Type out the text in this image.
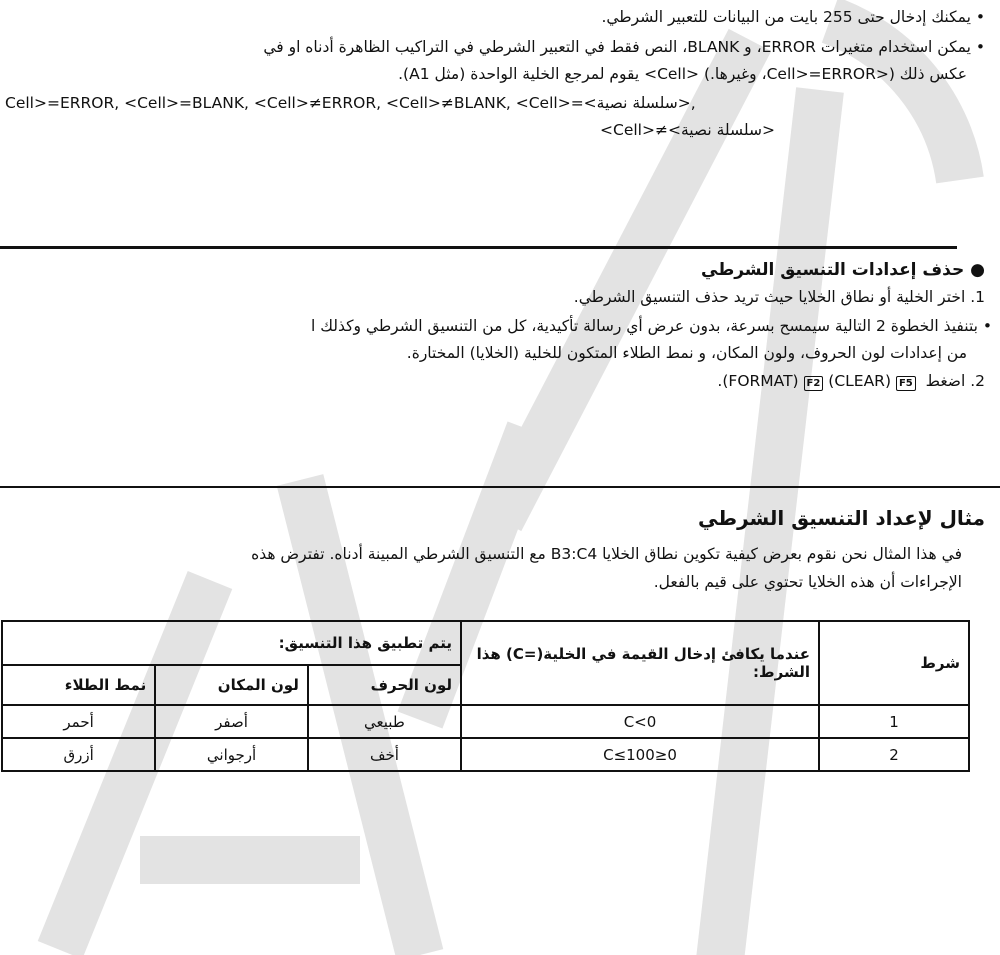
• يمكنك إدخال حتى 255 بايت من البيانات للتعبير الشرطي.
• يمكن استخدام متغيرات ERROR، و BLANK، النص فقط في التعبير الشرطي في التراكيب الظاهرة أدناه او في
عكس ذلك (<Cell>=ERROR، وغيرها.) <Cell> يقوم لمرجع الخلية الواحدة (مثل A1).
Cell>=ERROR, <Cell>=BLANK, <Cell>≠ERROR, <Cell>≠BLANK, <Cell>=<سلسلة نصية>,
<Cell>≠<سلسلة نصية>
● حذف إعدادات التنسيق الشرطي
1. اختر الخلية أو نطاق الخلايا حيث تريد حذف التنسيق الشرطي.
• بتنفيذ الخطوة 2 التالية سيمسح بسرعة، بدون عرض أي رسالة تأكيدية، كل من التنسيق الشرطي وكذلك ا
من إعدادات لون الحروف، ولون المكان، و نمط الطلاء المتكون للخلية (الخلايا) المختارة.
2. اضغط (FORMAT) F2 (CLEAR) F5 .
مثال لإعداد التنسيق الشرطي
في هذا المثال نحن نقوم بعرض كيفية تكوين نطاق الخلايا B3:C4 مع التنسيق الشرطي المبينة أدناه. تفترض هذه
الإجراءات أن هذه الخلايا تحتوي على قيم بالفعل.
شرط	عندما يكافئ إدخال القيمة في الخلية(=C) هذا الشرط:	يتم تطبيق هذا التنسيق:		
		لون الحرف	لون المكان	نمط الطلاء
1	C<0	طبيعي	أصفر	أحمر
2	0≤C≤100	أخف	أرجواني	أزرق
